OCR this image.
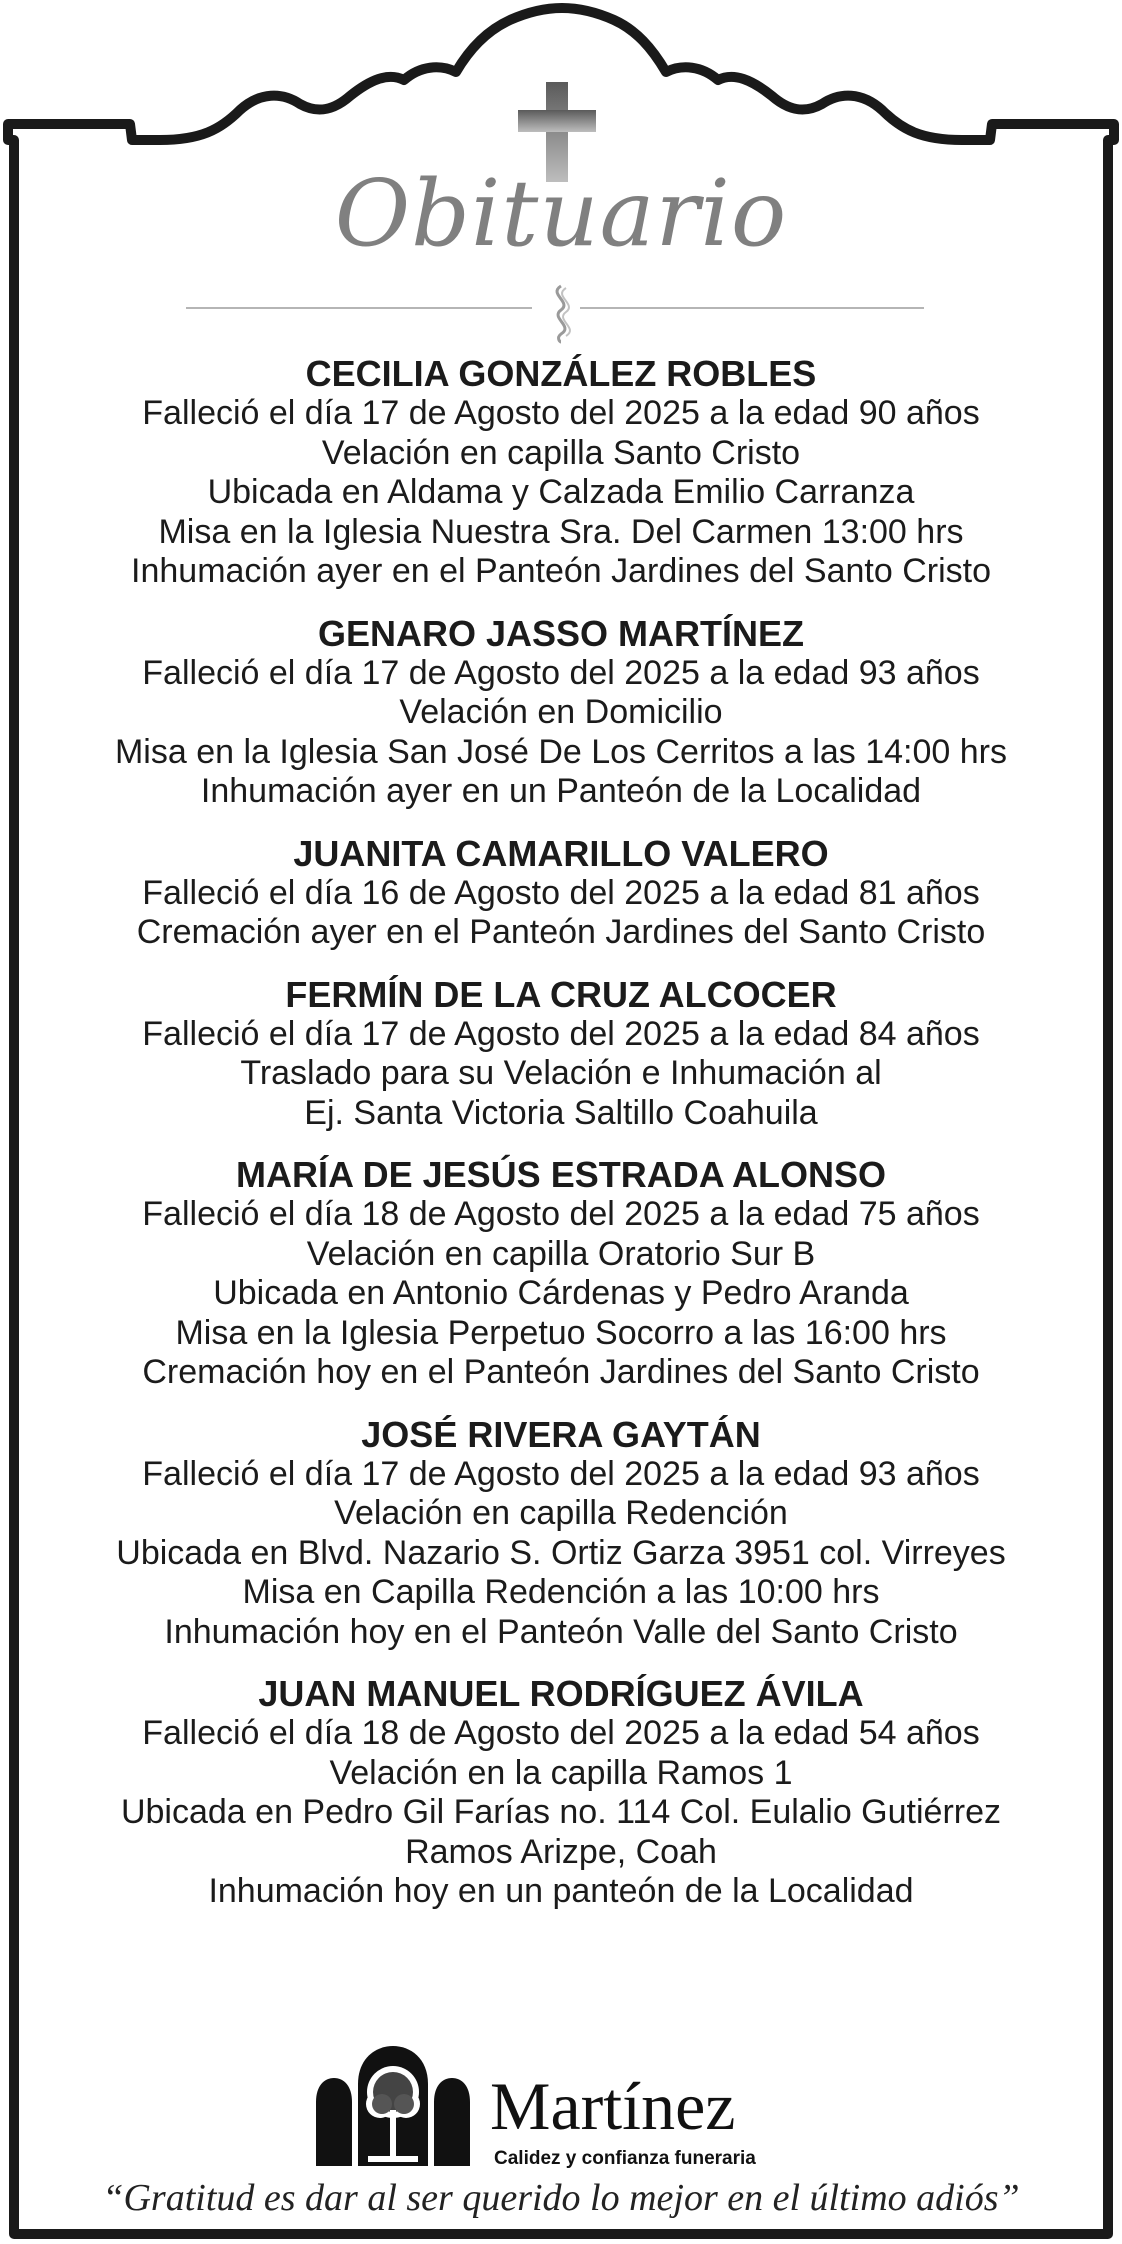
Obituario
CECILIA GONZÁLEZ ROBLES
Falleció el día 17 de Agosto del 2025 a la edad 90 años
Velación en capilla Santo Cristo
Ubicada en Aldama y Calzada Emilio Carranza
Misa en la Iglesia Nuestra Sra. Del Carmen 13:00 hrs
Inhumación ayer en el Panteón Jardines del Santo Cristo
GENARO JASSO MARTÍNEZ
Falleció el día 17 de Agosto del 2025 a la edad 93 años
Velación en Domicilio
Misa en la Iglesia San José De Los Cerritos a las 14:00 hrs
Inhumación ayer en un Panteón de la Localidad
JUANITA CAMARILLO VALERO
Falleció el día 16 de Agosto del 2025 a la edad 81 años
Cremación ayer en el Panteón Jardines del Santo Cristo
FERMÍN DE LA CRUZ ALCOCER
Falleció el día 17 de Agosto del 2025 a la edad 84 años
Traslado para su Velación e Inhumación al
Ej. Santa Victoria Saltillo Coahuila
MARÍA DE JESÚS ESTRADA ALONSO
Falleció el día 18 de Agosto del 2025 a la edad 75 años
Velación en capilla Oratorio Sur B
Ubicada en Antonio Cárdenas y Pedro Aranda
Misa en la Iglesia Perpetuo Socorro a las 16:00 hrs
Cremación hoy en el Panteón Jardines del Santo Cristo
JOSÉ RIVERA GAYTÁN
Falleció el día 17 de Agosto del 2025 a la edad 93 años
Velación en capilla Redención
Ubicada en Blvd. Nazario S. Ortiz Garza 3951 col. Virreyes
Misa en Capilla Redención a las 10:00 hrs
Inhumación hoy en el Panteón Valle del Santo Cristo
JUAN MANUEL RODRÍGUEZ ÁVILA
Falleció el día 18 de Agosto del 2025 a la edad 54 años
Velación en la capilla Ramos 1
Ubicada en Pedro Gil Farías no. 114 Col. Eulalio Gutiérrez
Ramos Arizpe, Coah
Inhumación hoy en un panteón de la Localidad
Martínez
Calidez y confianza funeraria
“Gratitud es dar al ser querido lo mejor en el último adiós”
